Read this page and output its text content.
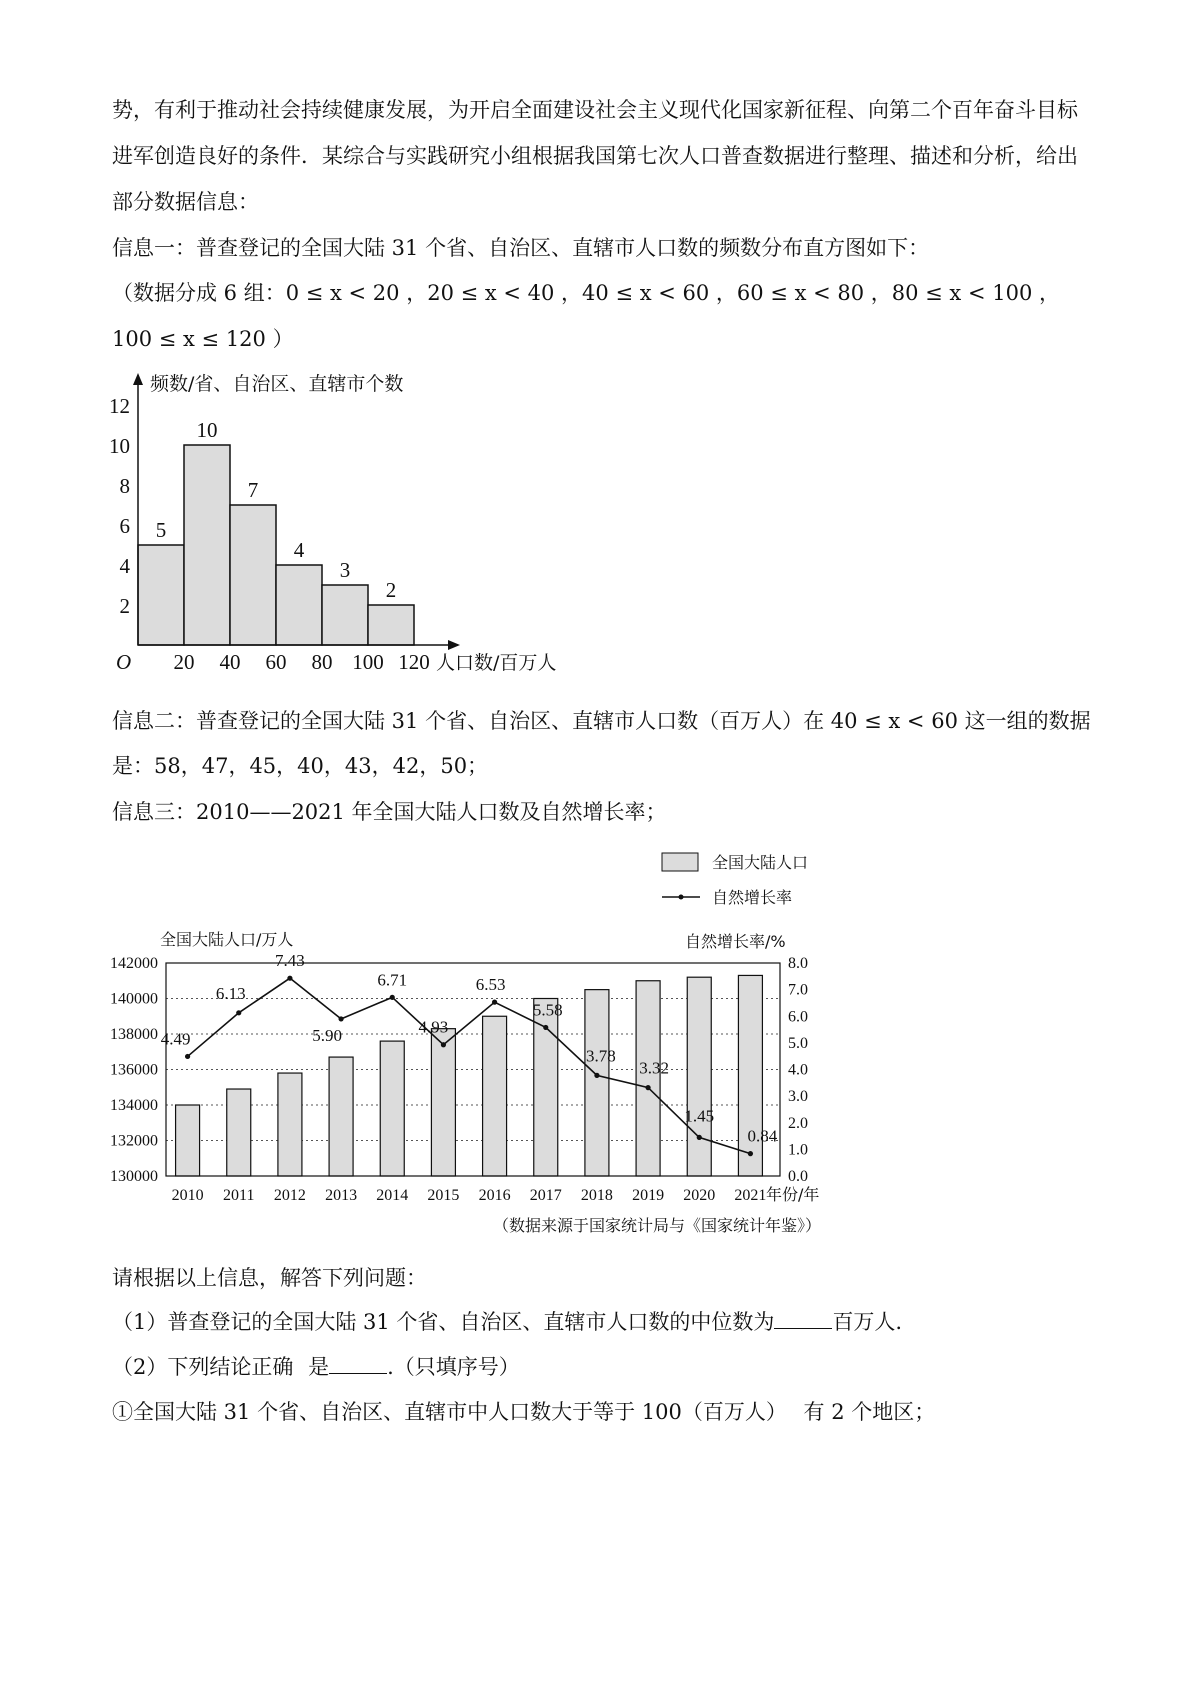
势，有利于推动社会持续健康发展，为开启全面建设社会主义现代化国家新征程、向第二个百年奋斗目标
进军创造良好的条件．某综合与实践研究小组根据我国第七次人口普查数据进行整理、描述和分析，给出
部分数据信息：
信息一：普查登记的全国大陆 31 个省、自治区、直辖市人口数的频数分布直方图如下：
（数据分成 6 组：0 ≤ x < 20 ，20 ≤ x < 40 ，40 ≤ x < 60 ，60 ≤ x < 80 ，80 ≤ x < 100 ，
100 ≤ x ≤ 120 ）
5
10
7
4
3
2
2
4
6
8
10
12
20 40 60 80 100 120
O
频数/省、自治区、直辖市个数
人口数/百万人
信息二：普查登记的全国大陆 31 个省、自治区、直辖市人口数（百万人）在 40 ≤ x < 60 这一组的数据
是：58，47，45，40，43，42，50；
信息三：2010——2021 年全国大陆人口数及自然增长率；
全国大陆人口
自然增长率
全国大陆人口/万人	自然增长率/%
4.49
6.13
7.43
5.90
6.71
4.93
6.53
5.58
3.78
3.32
1.45
0.84
130000
132000
134000
136000
138000
140000
142000
0.0
1.0
2.0
3.0
4.0
5.0
6.0
7.0
8.0
2010 2011 2012 2013 2014 2015 2016 2017 2018 2019 2020 2021 年份/年
（数据来源于国家统计局与《国家统计年鉴》）
请根据以上信息，解答下列问题：
（1）普查登记的全国大陆 31 个省、自治区、直辖市人口数的中位数为	百万人.
（2）下列结论正确 是	.（只填序号）
①全国大陆 31 个省、自治区、直辖市中人口数大于等于 100（百万人） 有 2 个地区；
